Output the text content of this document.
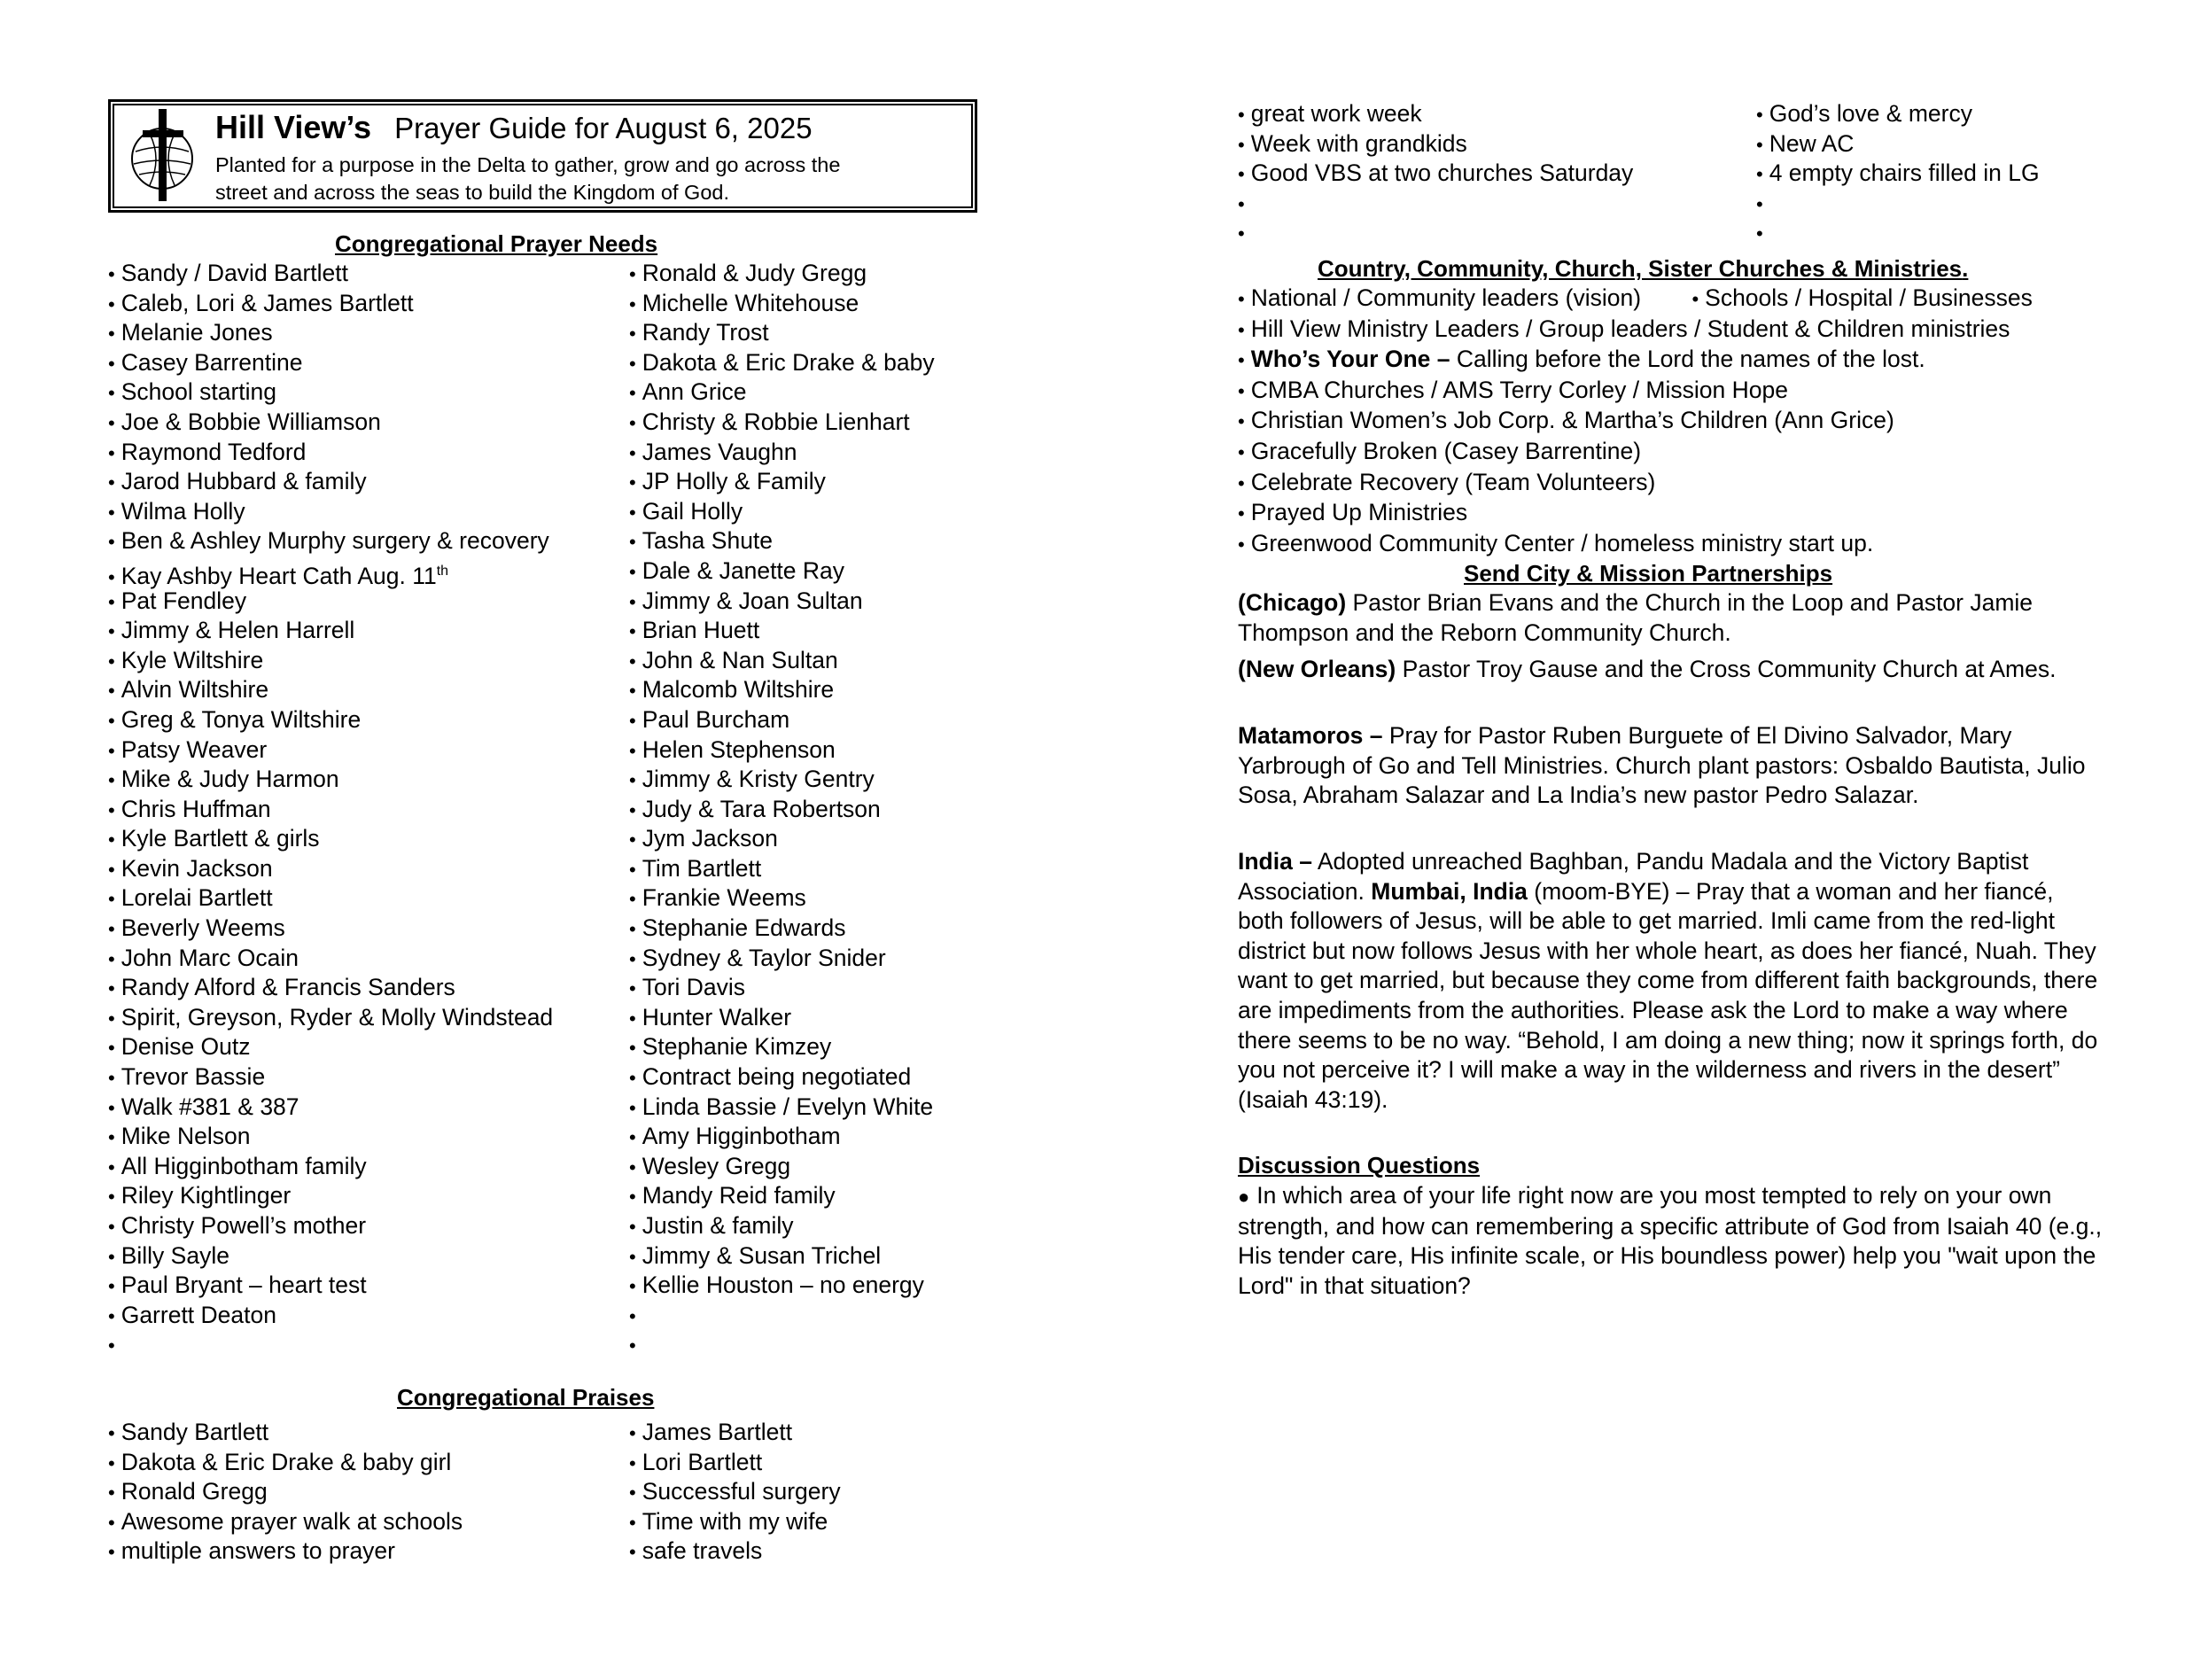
Hill View’s Prayer Guide for August 6, 2025
Planted for a purpose in the Delta to gather, grow and go across the
street and across the seas to build the Kingdom of God.
Congregational Prayer Needs
• Sandy / David Bartlett
• Caleb, Lori & James Bartlett
• Melanie Jones
• Casey Barrentine
• School starting
• Joe & Bobbie Williamson
• Raymond Tedford
• Jarod Hubbard & family
• Wilma Holly
• Ben & Ashley Murphy surgery & recovery
• Kay Ashby Heart Cath Aug. 11th
• Pat Fendley
• Jimmy & Helen Harrell
• Kyle Wiltshire
• Alvin Wiltshire
• Greg & Tonya Wiltshire
• Patsy Weaver
• Mike & Judy Harmon
• Chris Huffman
• Kyle Bartlett & girls
• Kevin Jackson
• Lorelai Bartlett
• Beverly Weems
• John Marc Ocain
• Randy Alford & Francis Sanders
• Spirit, Greyson, Ryder & Molly Windstead
• Denise Outz
• Trevor Bassie
• Walk #381 & 387
• Mike Nelson
• All Higginbotham family
• Riley Kightlinger
• Christy Powell’s mother
• Billy Sayle
• Paul Bryant – heart test
• Garrett Deaton
•
• Ronald & Judy Gregg
• Michelle Whitehouse
• Randy Trost
• Dakota & Eric Drake & baby
• Ann Grice
• Christy & Robbie Lienhart
• James Vaughn
• JP Holly & Family
• Gail Holly
• Tasha Shute
• Dale & Janette Ray
• Jimmy & Joan Sultan
• Brian Huett
• John & Nan Sultan
• Malcomb Wiltshire
• Paul Burcham
• Helen Stephenson
• Jimmy & Kristy Gentry
• Judy & Tara Robertson
• Jym Jackson
• Tim Bartlett
• Frankie Weems
• Stephanie Edwards
• Sydney & Taylor Snider
• Tori Davis
• Hunter Walker
• Stephanie Kimzey
• Contract being negotiated
• Linda Bassie / Evelyn White
• Amy Higginbotham
• Wesley Gregg
• Mandy Reid family
• Justin & family
• Jimmy & Susan Trichel
• Kellie Houston – no energy
•
•
Congregational Praises
• Sandy Bartlett
• Dakota & Eric Drake & baby girl
• Ronald Gregg
• Awesome prayer walk at schools
• multiple answers to prayer
• James Bartlett
• Lori Bartlett
• Successful surgery
• Time with my wife
• safe travels
• great work week
• Week with grandkids
• Good VBS at two churches Saturday
•
•
• God’s love & mercy
• New AC
• 4 empty chairs filled in LG
•
•
Country, Community, Church, Sister Churches & Ministries.
• National / Community leaders (vision) •	Schools / Hospital / Businesses
• Hill View Ministry Leaders / Group leaders / Student & Children ministries
• Who’s Your One – Calling before the Lord the names of the lost.
• CMBA Churches / AMS Terry Corley / Mission Hope
• Christian Women’s Job Corp. & Martha’s Children (Ann Grice)
• Gracefully Broken (Casey Barrentine)
• Celebrate Recovery (Team Volunteers)
• Prayed Up Ministries
• Greenwood Community Center / homeless ministry start up.
Send City & Mission Partnerships
(Chicago) Pastor Brian Evans and the Church in the Loop and Pastor Jamie Thompson and the Reborn Community Church.
(New Orleans) Pastor Troy Gause and the Cross Community Church at Ames.
Matamoros – Pray for Pastor Ruben Burguete of El Divino Salvador, Mary Yarbrough of Go and Tell Ministries. Church plant pastors: Osbaldo Bautista, Julio Sosa, Abraham Salazar and La India’s new pastor Pedro Salazar.
India – Adopted unreached Baghban, Pandu Madala and the Victory Baptist Association. Mumbai, India (moom-BYE) – Pray that a woman and her fiancé, both followers of Jesus, will be able to get married. Imli came from the red-light district but now follows Jesus with her whole heart, as does her fiancé, Nuah. They want to get married, but because they come from different faith backgrounds, there are impediments from the authorities. Please ask the Lord to make a way where there seems to be no way. “Behold, I am doing a new thing; now it springs forth, do you not perceive it? I will make a way in the wilderness and rivers in the desert” (Isaiah 43:19).
Discussion Questions
● In which area of your life right now are you most tempted to rely on your own strength, and how can remembering a specific attribute of God from Isaiah 40 (e.g., His tender care, His infinite scale, or His boundless power) help you "wait upon the Lord" in that situation?
